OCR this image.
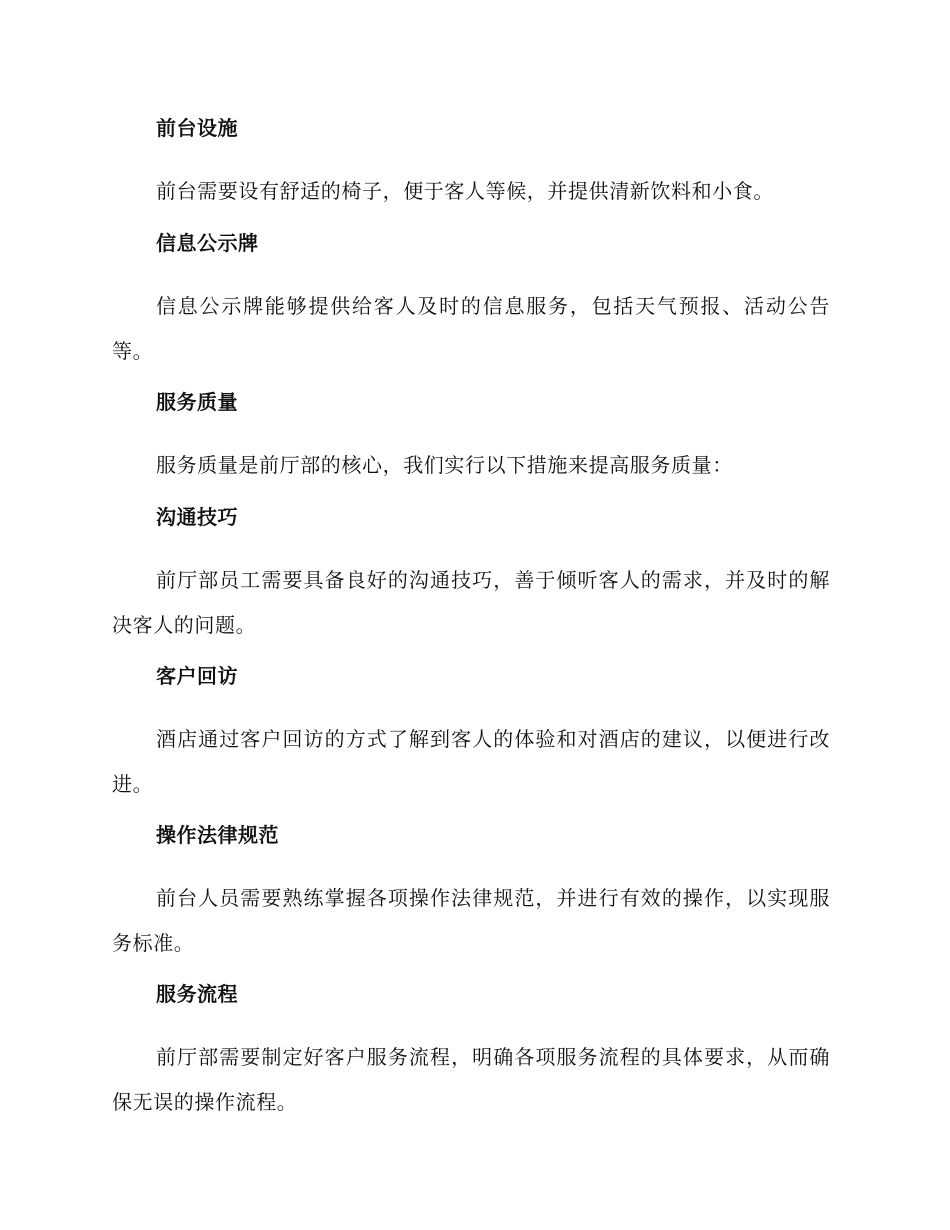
前台设施

前台需要设有舒适的椅子，便于客人等候，并提供清新饮料和小食。

信息公示牌

信息公示牌能够提供给客人及时的信息服务，包括天气预报、活动公告等。

服务质量

服务质量是前厅部的核心，我们实行以下措施来提高服务质量：

沟通技巧

前厅部员工需要具备良好的沟通技巧，善于倾听客人的需求，并及时的解决客人的问题。

客户回访

酒店通过客户回访的方式了解到客人的体验和对酒店的建议，以便进行改进。

操作法律规范

前台人员需要熟练掌握各项操作法律规范，并进行有效的操作，以实现服务标准。

服务流程

前厅部需要制定好客户服务流程，明确各项服务流程的具体要求，从而确保无误的操作流程。
